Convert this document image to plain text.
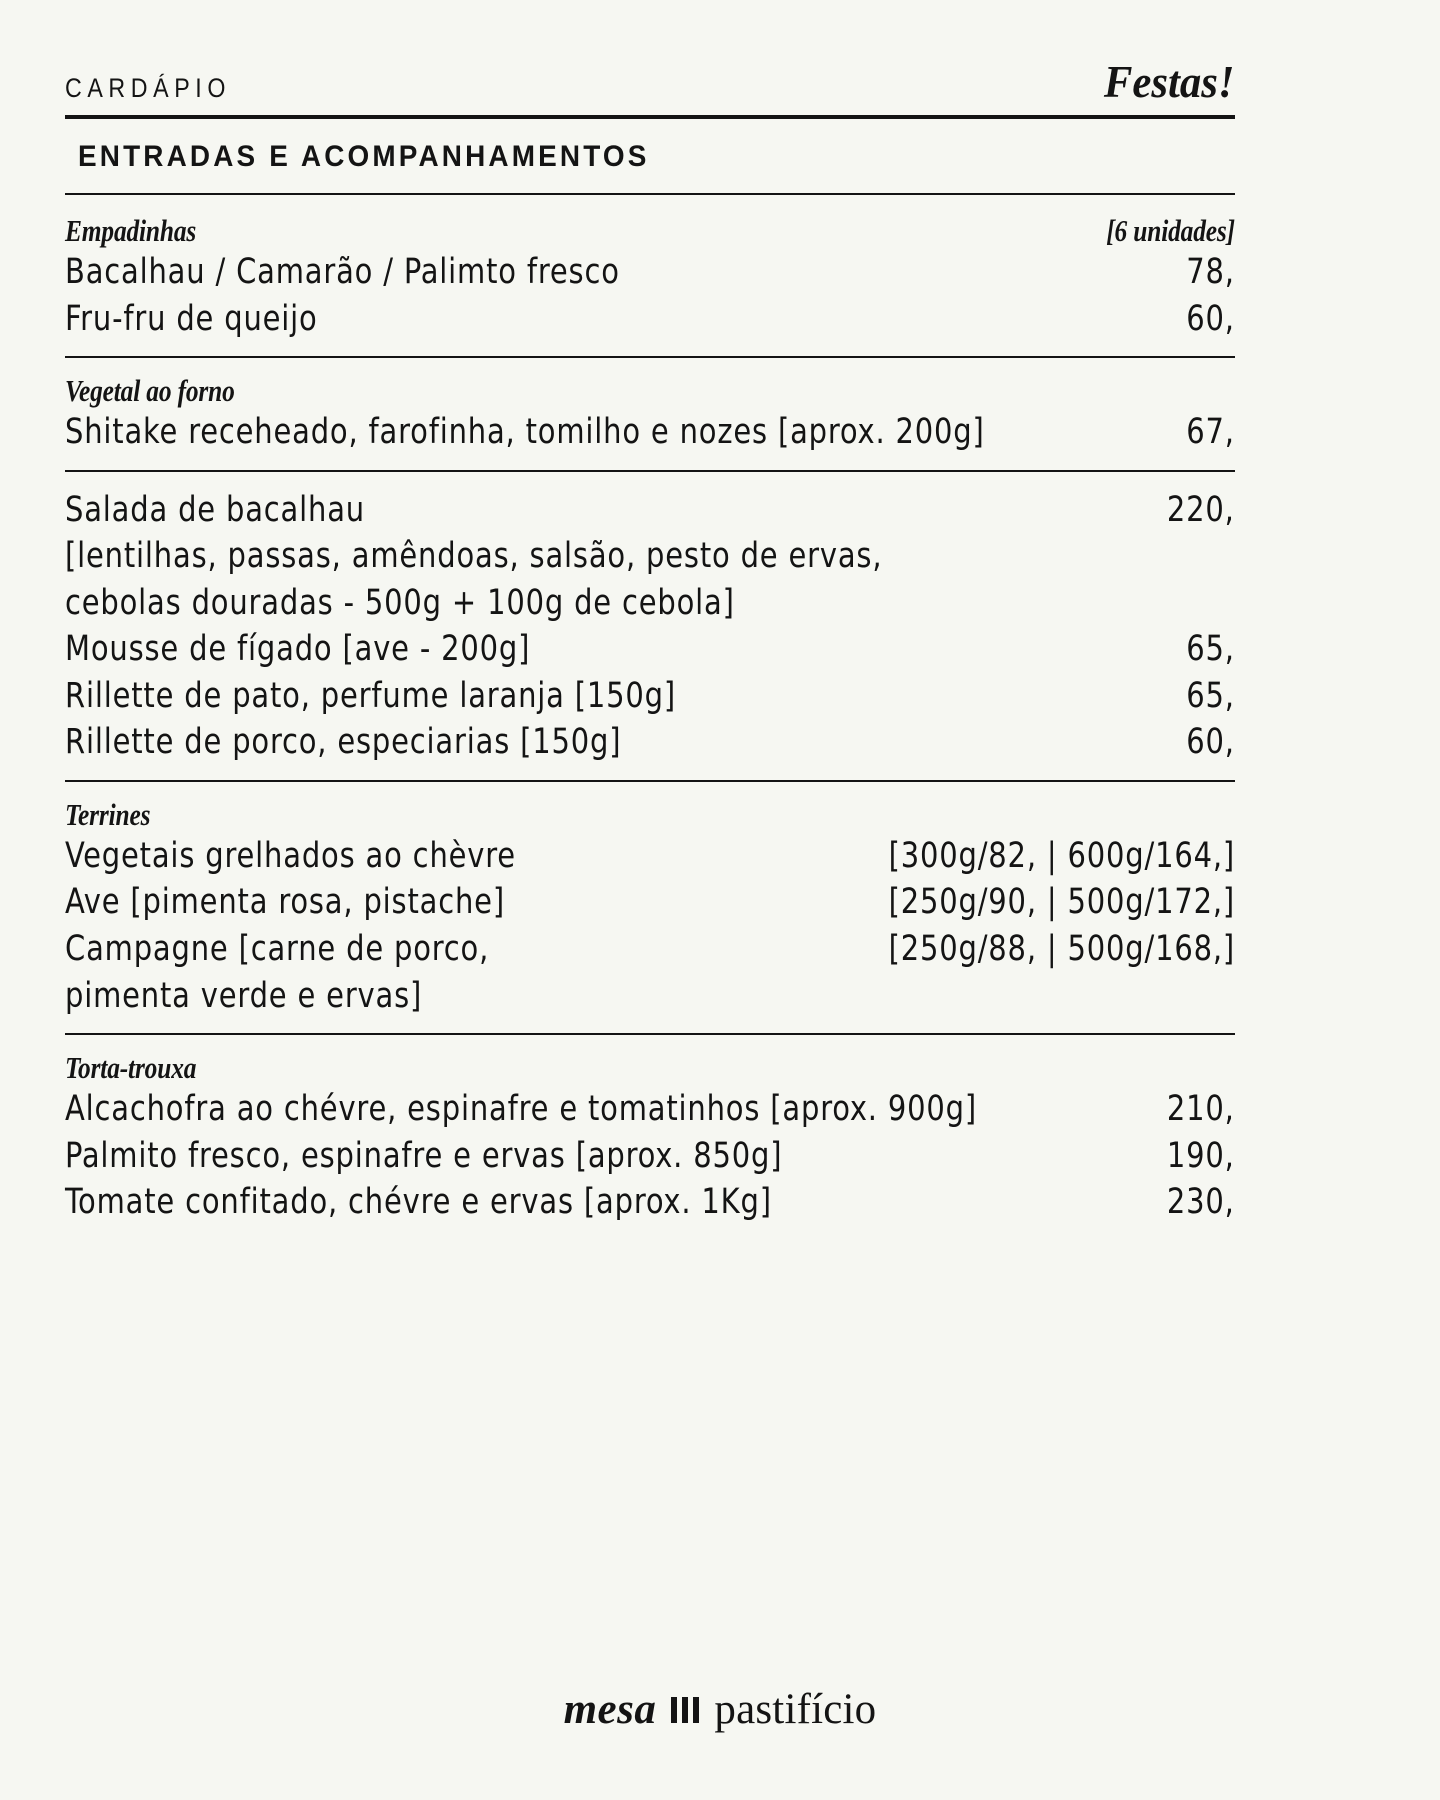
CARDÁPIO	Festas!
ENTRADAS E ACOMPANHAMENTOS
Empadinhas	[6 unidades]
Bacalhau / Camarão / Palimto fresco	78,
Fru-fru de queijo	60,
Vegetal ao forno
Shitake receheado, farofinha, tomilho e nozes [aprox. 200g]	67,
Salada de bacalhau	220,
[lentilhas, passas, amêndoas, salsão, pesto de ervas,
cebolas douradas - 500g + 100g de cebola]
Mousse de fígado [ave - 200g]	65,
Rillette de pato, perfume laranja [150g]	65,
Rillette de porco, especiarias [150g]	60,
Terrines
Vegetais grelhados ao chèvre	[300g/82, | 600g/164,]
Ave [pimenta rosa, pistache]	[250g/90, | 500g/172,]
Campagne [carne de porco,	[250g/88, | 500g/168,]
pimenta verde e ervas]
Torta-trouxa
Alcachofra ao chévre, espinafre e tomatinhos [aprox. 900g]	210,
Palmito fresco, espinafre e ervas [aprox. 850g]	190,
Tomate confitado, chévre e ervas [aprox. 1Kg]	230,
mesa pastifício
